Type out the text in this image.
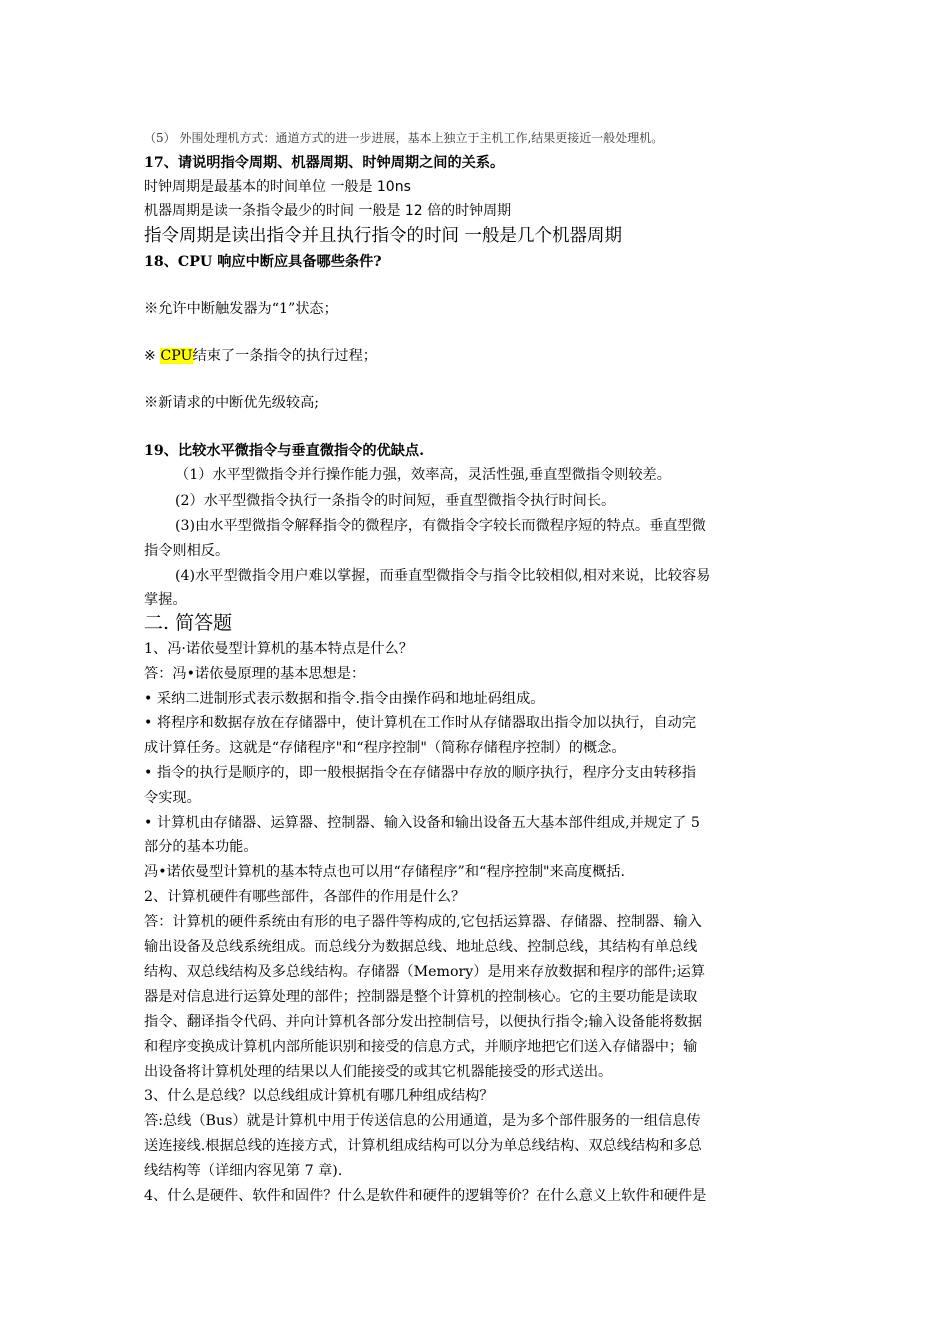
（5） 外围处理机方式：通道方式的进一步进展，基本上独立于主机工作,结果更接近一般处理机。
17、请说明指令周期、机器周期、时钟周期之间的关系。
时钟周期是最基本的时间单位 一般是 10ns
机器周期是读一条指令最少的时间 一般是 12 倍的时钟周期
指令周期是读出指令并且执行指令的时间 一般是几个机器周期
18、CPU 响应中断应具备哪些条件?
※允许中断触发器为“1”状态；
※ CPU结束了一条指令的执行过程；
※新请求的中断优先级较高;
19、比较水平微指令与垂直微指令的优缺点.
（1）水平型微指令并行操作能力强，效率高，灵活性强,垂直型微指令则较差。
(2）水平型微指令执行一条指令的时间短，垂直型微指令执行时间长。
(3)由水平型微指令解释指令的微程序，有微指令字较长而微程序短的特点。垂直型微
指令则相反。
(4)水平型微指令用户难以掌握，而垂直型微指令与指令比较相似,相对来说，比较容易
掌握。
二. 简答题
1、冯·诺依曼型计算机的基本特点是什么？
答：冯•诺依曼原理的基本思想是：
• 采纳二进制形式表示数据和指令.指令由操作码和地址码组成。
• 将程序和数据存放在存储器中，使计算机在工作时从存储器取出指令加以执行，自动完
成计算任务。这就是“存储程序"和“程序控制"（简称存储程序控制）的概念。
• 指令的执行是顺序的，即一般根据指令在存储器中存放的顺序执行，程序分支由转移指
令实现。
• 计算机由存储器、运算器、控制器、输入设备和输出设备五大基本部件组成,并规定了 5
部分的基本功能。
冯•诺依曼型计算机的基本特点也可以用“存储程序”和“程序控制"来高度概括.
2、计算机硬件有哪些部件，各部件的作用是什么？
答：计算机的硬件系统由有形的电子器件等构成的,它包括运算器、存储器、控制器、输入
输出设备及总线系统组成。而总线分为数据总线、地址总线、控制总线，其结构有单总线
结构、双总线结构及多总线结构。存储器（Memory）是用来存放数据和程序的部件;运算
器是对信息进行运算处理的部件；控制器是整个计算机的控制核心。它的主要功能是读取
指令、翻译指令代码、并向计算机各部分发出控制信号，以便执行指令;输入设备能将数据
和程序变换成计算机内部所能识别和接受的信息方式，并顺序地把它们送入存储器中；输
出设备将计算机处理的结果以人们能接受的或其它机器能接受的形式送出。
3、什么是总线？以总线组成计算机有哪几种组成结构？
答:总线（Bus）就是计算机中用于传送信息的公用通道，是为多个部件服务的一组信息传
送连接线.根据总线的连接方式，计算机组成结构可以分为单总线结构、双总线结构和多总
线结构等（详细内容见第 7 章).
4、什么是硬件、软件和固件？什么是软件和硬件的逻辑等价？在什么意义上软件和硬件是
